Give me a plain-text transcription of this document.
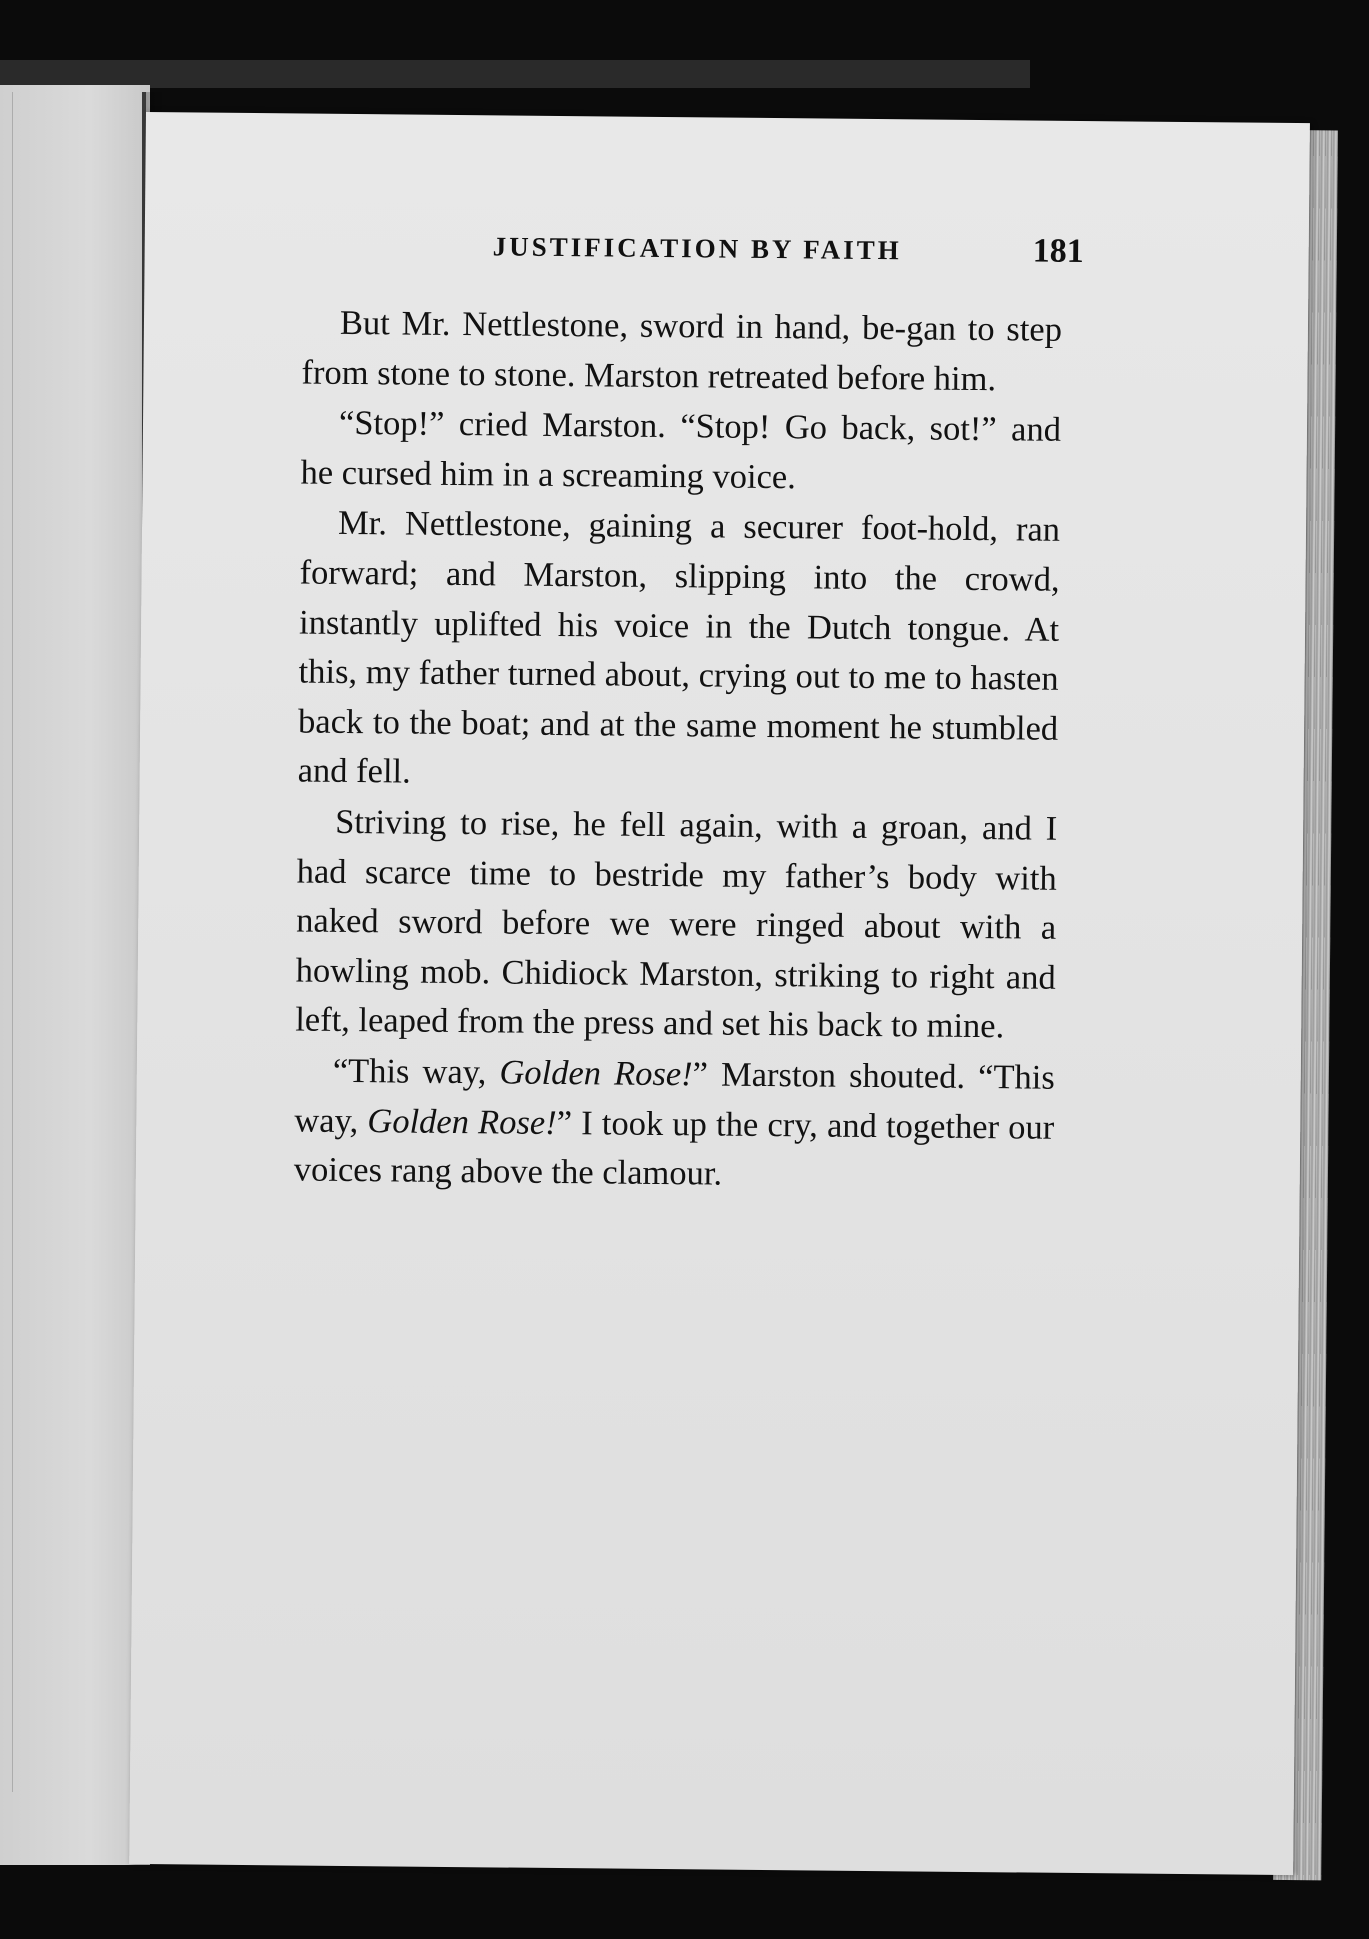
JUSTIFICATION BY FAITH	181

But Mr. Nettlestone, sword in hand, be-gan to step from stone to stone. Marston retreated before him.

“Stop!” cried Marston. “Stop! Go back, sot!” and he cursed him in a screaming voice.

Mr. Nettlestone, gaining a securer foot-hold, ran forward; and Marston, slipping into the crowd, instantly uplifted his voice in the Dutch tongue. At this, my father turned about, crying out to me to hasten back to the boat; and at the same moment he stumbled and fell.

Striving to rise, he fell again, with a groan, and I had scarce time to bestride my father’s body with naked sword before we were ringed about with a howling mob. Chidiock Marston, striking to right and left, leaped from the press and set his back to mine.

“This way, Golden Rose!” Marston shouted. “This way, Golden Rose!” I took up the cry, and together our voices rang above the clamour.
